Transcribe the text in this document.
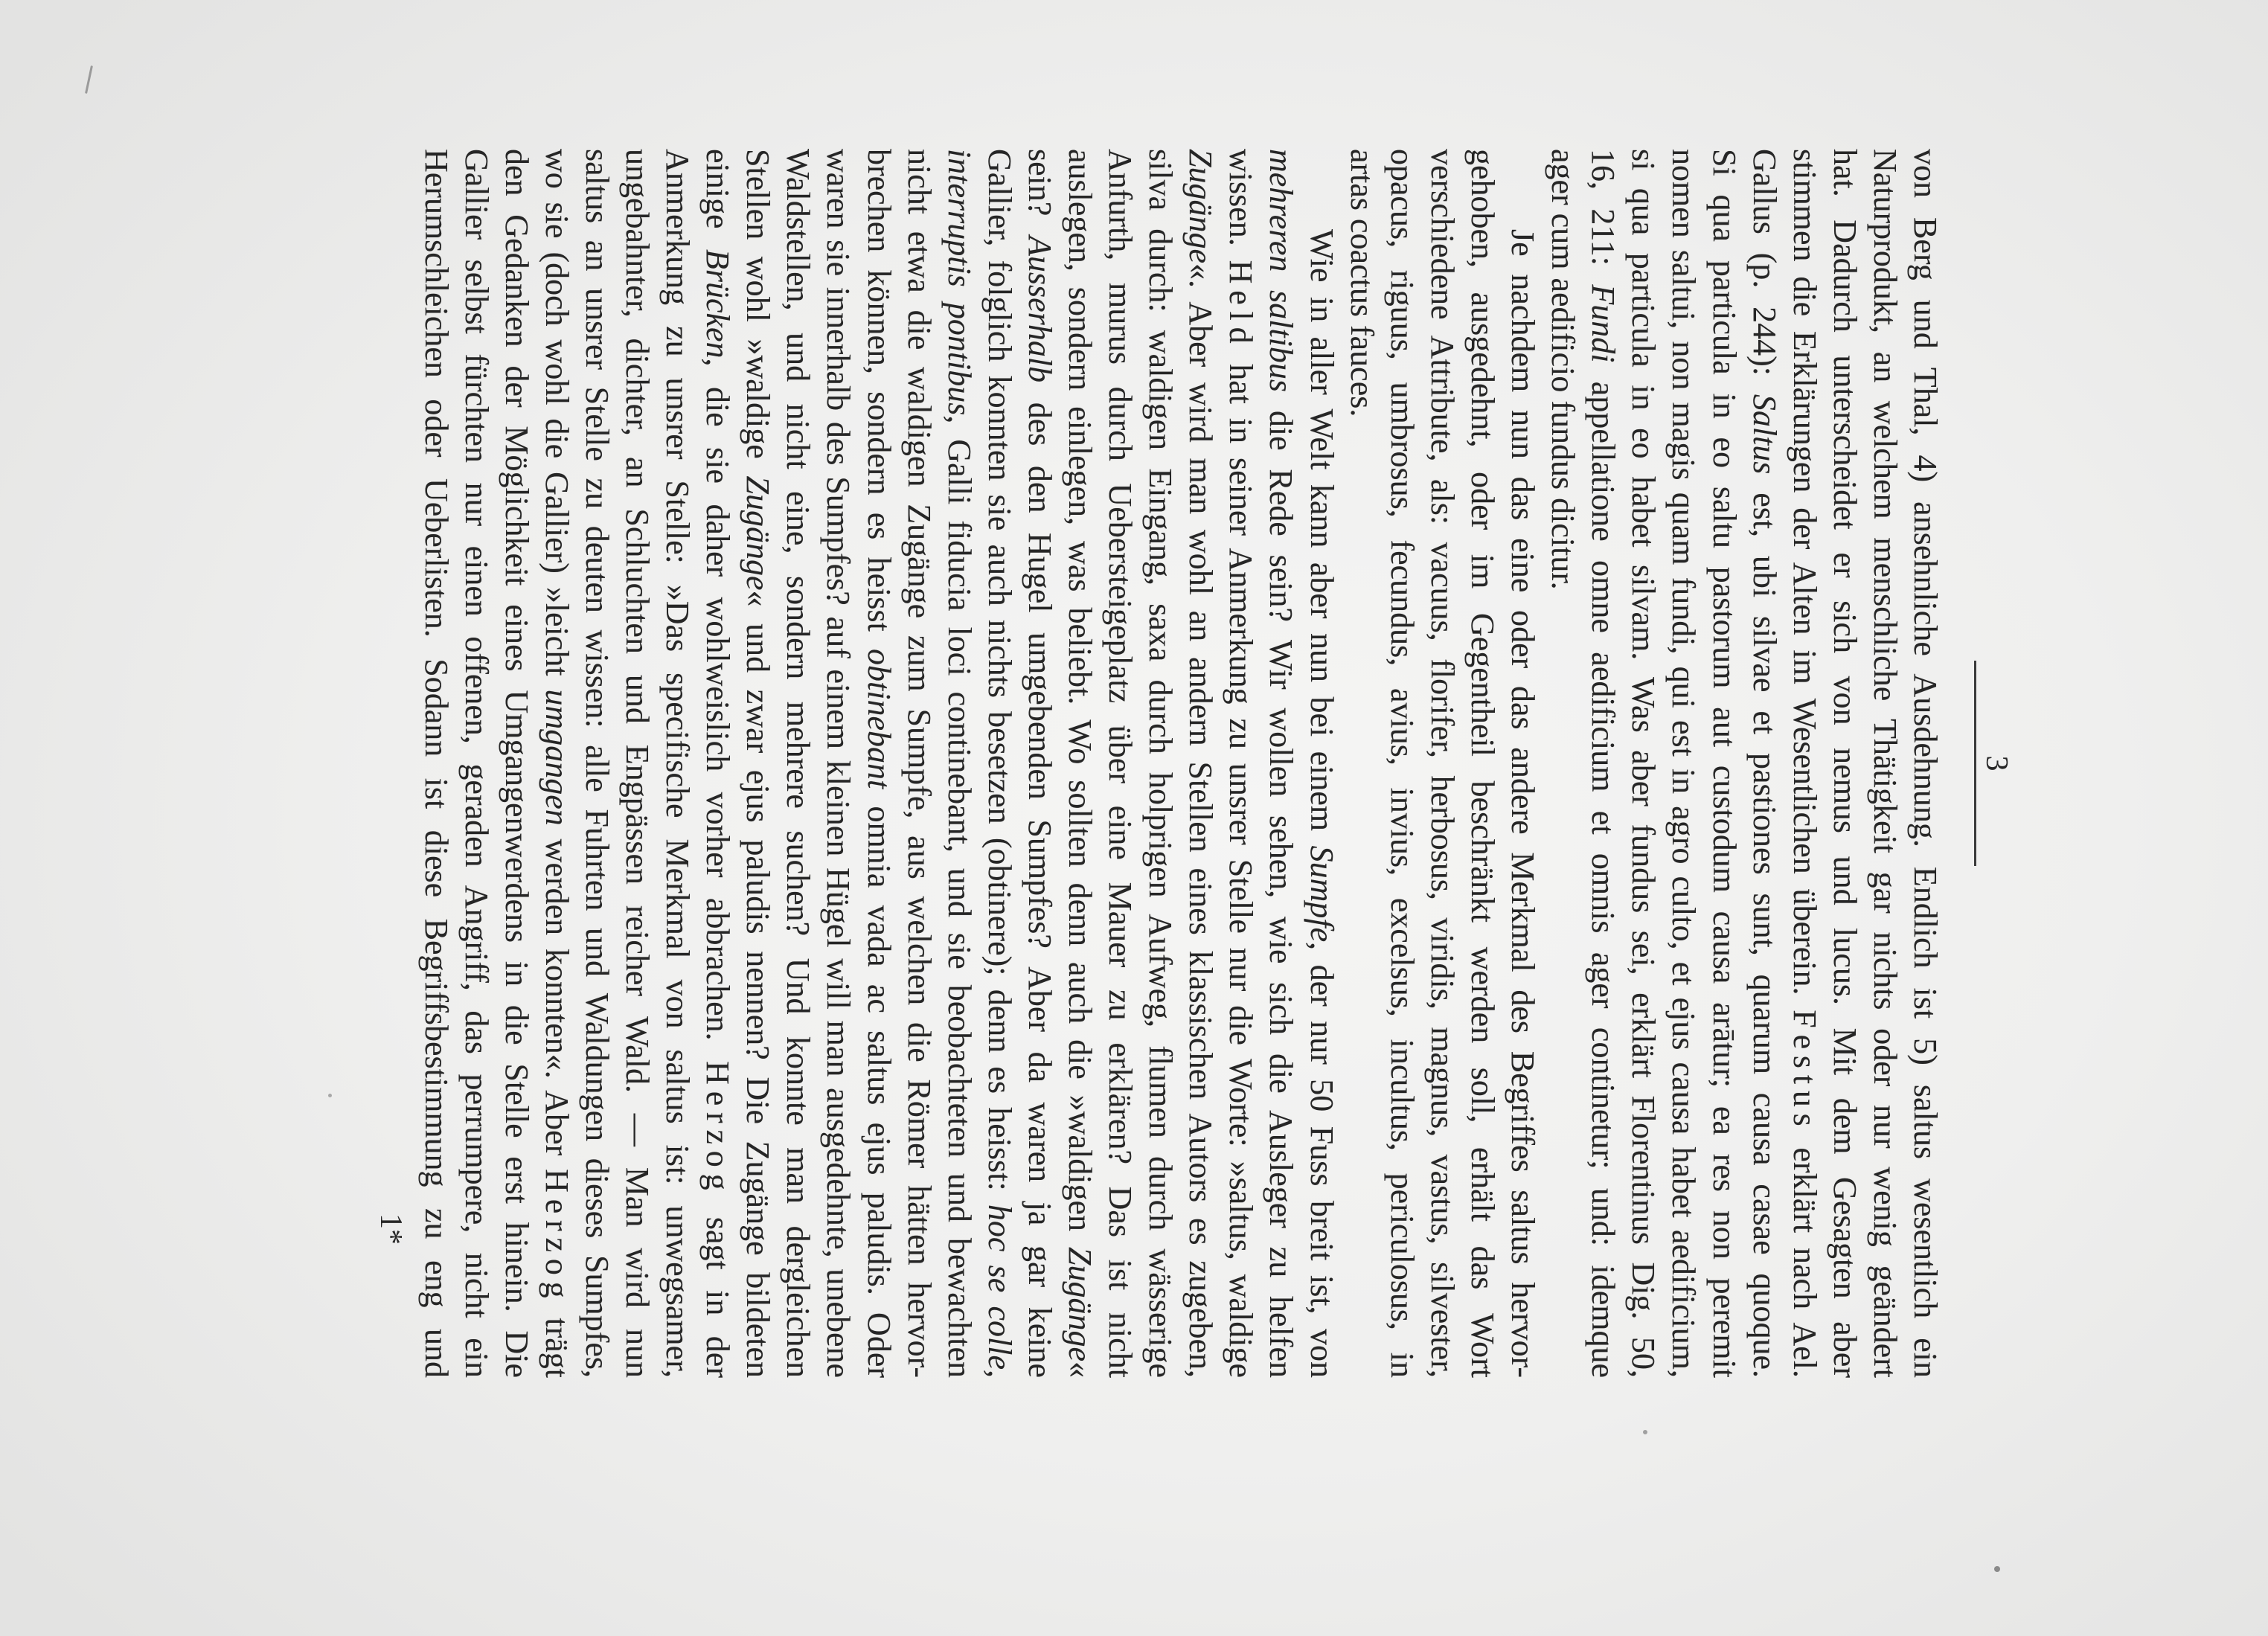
3
von Berg und Thal, 4) ansehnliche Ausdehnung. Endlich ist 5) saltus wesentlich ein
Naturprodukt, an welchem menschliche Thätigkeit gar nichts oder nur wenig geändert
hat. Dadurch unterscheidet er sich von nemus und lucus. Mit dem Gesagten aber
stimmen die Erklärungen der Alten im Wesentlichen überein. Festus erklärt nach Ael.
Gallus (p. 244): Saltus est, ubi silvae et pastiones sunt, quarum causa casae quoque.
Si qua particula in eo saltu pastorum aut custodum causa arātur; ea res non peremit
nomen saltui, non magis quam fundi, qui est in agro culto, et ejus causa habet aedificium,
si qua particula in eo habet silvam. Was aber fundus sei, erklärt Florentinus Dig. 50,
16, 211: Fundi appellatione omne aedificium et omnis ager continetur; und: idemque
ager cum aedificio fundus dicitur.
Je nachdem nun das eine oder das andere Merkmal des Begriffes saltus hervor-
gehoben, ausgedehnt, oder im Gegentheil beschränkt werden soll, erhält das Wort
verschiedene Attribute, als: vacuus, florifer, herbosus, viridis, magnus, vastus, silvester,
opacus, riguus, umbrosus, fecundus, avius, invius, excelsus, incultus, periculosus, in
artas coactus fauces.
Wie in aller Welt kann aber nun bei einem Sumpfe, der nur 50 Fuss breit ist, von
mehreren saltibus die Rede sein? Wir wollen sehen, wie sich die Ausleger zu helfen
wissen. Held hat in seiner Anmerkung zu unsrer Stelle nur die Worte: »saltus, waldige
Zugänge«. Aber wird man wohl an andern Stellen eines klassischen Autors es zugeben,
silva durch: waldigen Eingang, saxa durch holprigen Aufweg, flumen durch wässerige
Anfurth, murus durch Uebersteigeplatz über eine Mauer zu erklären? Das ist nicht
auslegen, sondern einlegen, was beliebt. Wo sollten denn auch die »waldigen Zugänge«
sein? Ausserhalb des den Hugel umgebenden Sumpfes? Aber da waren ja gar keine
Gallier, folglich konnten sie auch nichts besetzen (obtinere); denn es heisst: hoc se colle,
interruptis pontibus, Galli fiducia loci continebant, und sie beobachteten und bewachten
nicht etwa die waldigen Zugänge zum Sumpfe, aus welchen die Römer hätten hervor-
brechen können, sondern es heisst obtinebant omnia vada ac saltus ejus paludis. Oder
waren sie innerhalb des Sumpfes? auf einem kleinen Hügel will man ausgedehnte, unebene
Waldstellen, und nicht eine, sondern mehrere suchen? Und konnte man dergleichen
Stellen wohl »waldige Zugänge« und zwar ejus paludis nennen? Die Zugänge bildeten
einige Brücken, die sie daher wohlweislich vorher abbrachen. Herzog sagt in der
Anmerkung zu unsrer Stelle: »Das specifische Merkmal von saltus ist: unwegsamer,
ungebahnter, dichter, an Schluchten und Engpässen reicher Wald. — Man wird nun
saltus an unsrer Stelle zu deuten wissen: alle Fuhrten und Waldungen dieses Sumpfes,
wo sie (doch wohl die Gallier) »leicht umgangen werden konnten«. Aber Herzog trägt
den Gedanken der Möglichkeit eines Umgangenwerdens in die Stelle erst hinein. Die
Gallier selbst fürchten nur einen offenen, geraden Angriff, das perrumpere, nicht ein
Herumschleichen oder Ueberlisten. Sodann ist diese Begriffsbestimmung zu eng und
1*
